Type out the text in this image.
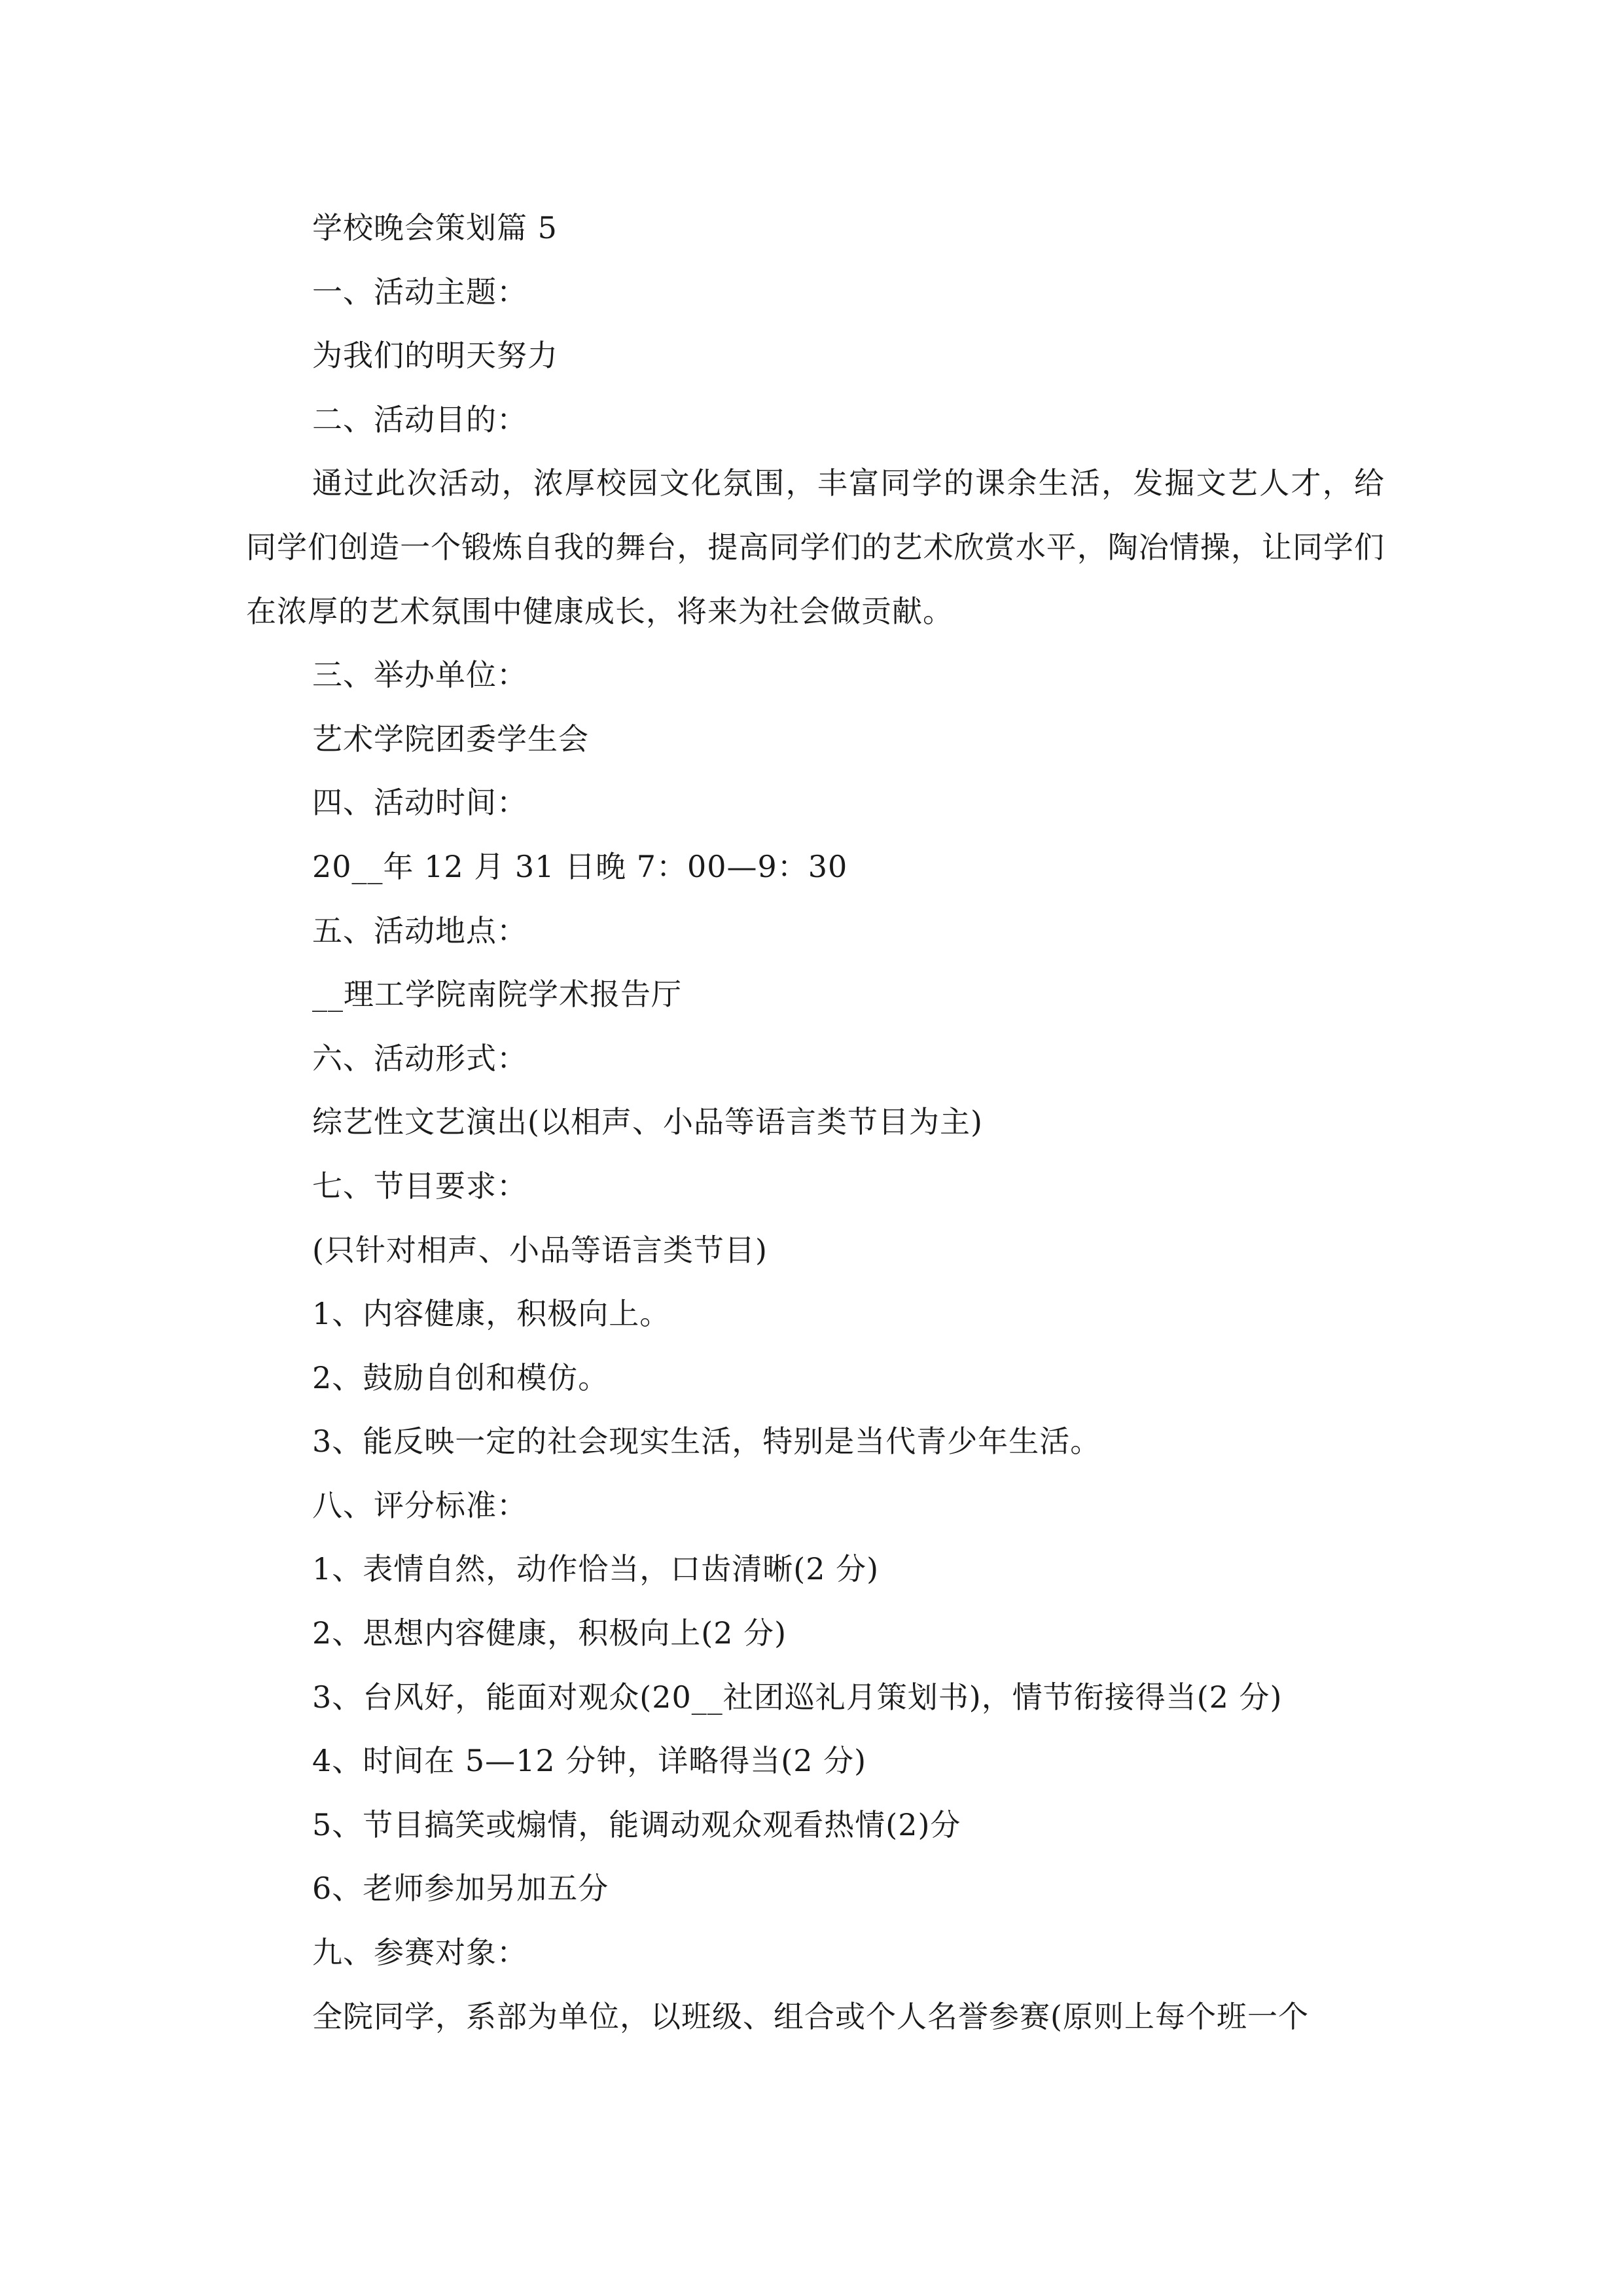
学校晚会策划篇 5
一、活动主题：
为我们的明天努力
二、活动目的：
通过此次活动，浓厚校园文化氛围，丰富同学的课余生活，发掘文艺人才，给同学们创造一个锻炼自我的舞台，提高同学们的艺术欣赏水平，陶冶情操，让同学们在浓厚的艺术氛围中健康成长，将来为社会做贡献。
三、举办单位：
艺术学院团委学生会
四、活动时间：
20__年 12 月 31 日晚 7：00—9：30
五、活动地点：
__理工学院南院学术报告厅
六、活动形式：
综艺性文艺演出(以相声、小品等语言类节目为主)
七、节目要求：
(只针对相声、小品等语言类节目)
1、内容健康，积极向上。
2、鼓励自创和模仿。
3、能反映一定的社会现实生活，特别是当代青少年生活。
八、评分标准：
1、表情自然，动作恰当，口齿清晰(2 分)
2、思想内容健康，积极向上(2 分)
3、台风好，能面对观众(20__社团巡礼月策划书)，情节衔接得当(2 分)
4、时间在 5—12 分钟，详略得当(2 分)
5、节目搞笑或煽情，能调动观众观看热情(2)分
6、老师参加另加五分
九、参赛对象：
全院同学，系部为单位，以班级、组合或个人名誉参赛(原则上每个班一个
